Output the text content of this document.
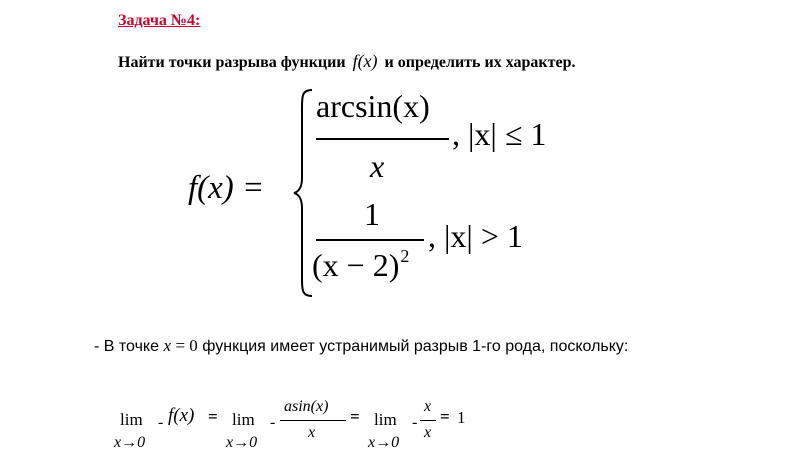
Задача №4:
Найти точки разрыва функции f(x) и определить их характер.
f(x) =
arcsin(x)
x
, |x| ≤ 1
1
$(x - 2)^2$
, |x| > 1
- В точке x = 0 функция имеет устранимый разрыв 1-го рода, поскольку:
lim
x→0
- f(x) = lim
x→0
-
asin(x)
x
= lim
x→0
-
x
x
= 1
